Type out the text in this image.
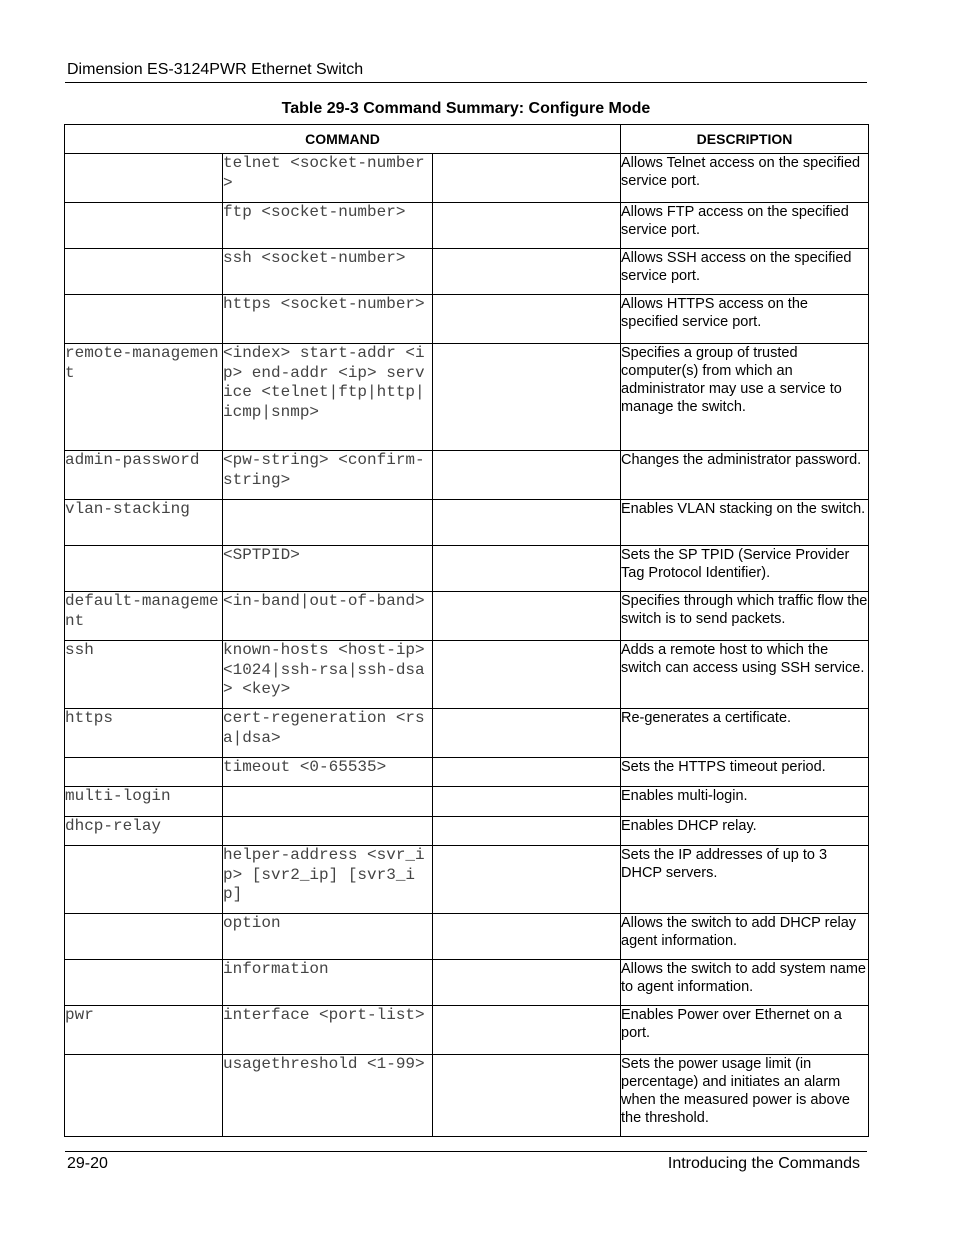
Dimension ES-3124PWR Ethernet Switch
Table 29-3 Command Summary: Configure Mode
COMMAND			DESCRIPTION
	telnet <socket-number>		Allows Telnet access on the specified service port.
	ftp <socket-number>		Allows FTP access on the specified service port.
	ssh <socket-number>		Allows SSH access on the specified service port.
	https <socket-number>		Allows HTTPS access on the specified service port.
remote-management	<index> start-addr <ip> end-addr <ip> service <telnet|ftp|http|icmp|snmp>		Specifies a group of trusted computer(s) from which an administrator may use a service to manage the switch.
admin-password	<pw-string> <confirm-string>		Changes the administrator password.
vlan-stacking			Enables VLAN stacking on the switch.
	<SPTPID>		Sets the SP TPID (Service Provider Tag Protocol Identifier).
default-management	<in-band|out-of-band>		Specifies through which traffic flow the switch is to send packets.
ssh	known-hosts <host-ip> <1024|ssh-rsa|ssh-dsa> <key>		Adds a remote host to which the switch can access using SSH service.
https	cert-regeneration <rsa|dsa>		Re-generates a certificate.
	timeout <0-65535>		Sets the HTTPS timeout period.
multi-login			Enables multi-login.
dhcp-relay			Enables DHCP relay.
	helper-address <svr_ip> [svr2_ip] [svr3_ip]		Sets the IP addresses of up to 3 DHCP servers.
	option		Allows the switch to add DHCP relay agent information.
	information		Allows the switch to add system name to agent information.
pwr	interface <port-list>		Enables Power over Ethernet on a port.
	usagethreshold <1-99>		Sets the power usage limit (in percentage) and initiates an alarm when the measured power is above the threshold.
29-20	Introducing the Commands
